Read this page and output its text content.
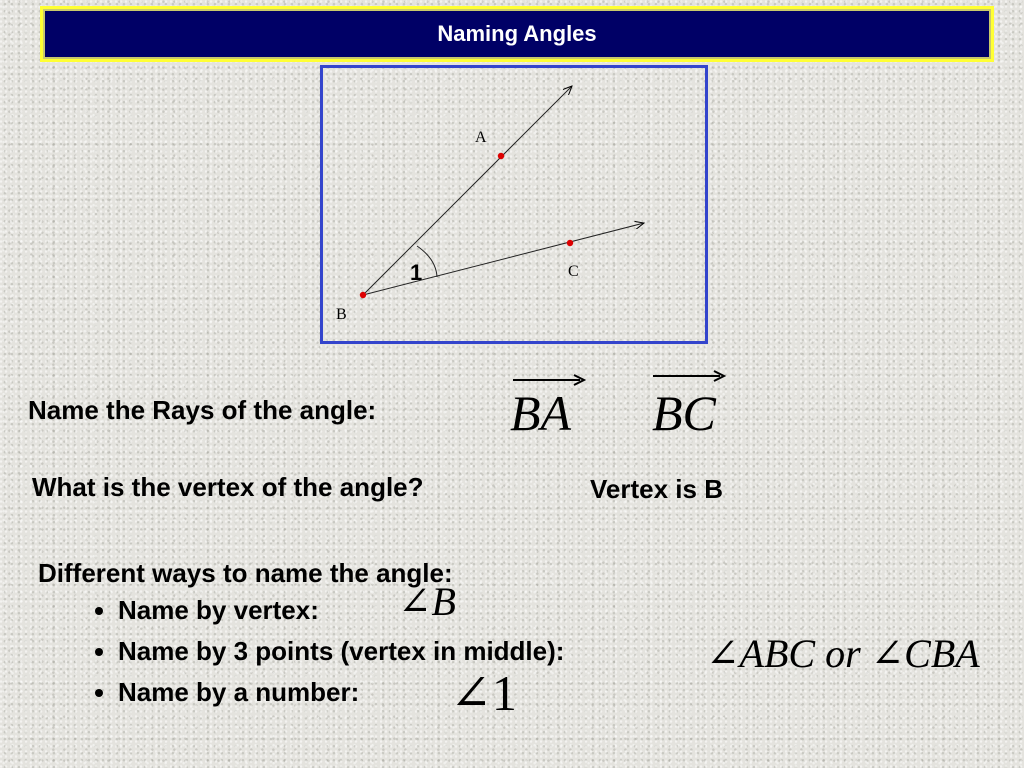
Naming Angles
A
B
C
1
Name the Rays of the angle:	BA BC
What is the vertex of the angle?	Vertex is B
Different ways to name the angle:
• Name by vertex:
• Name by 3 points (vertex in middle):
• Name by a number:
∠B
∠ABC or ∠CBA
∠1
